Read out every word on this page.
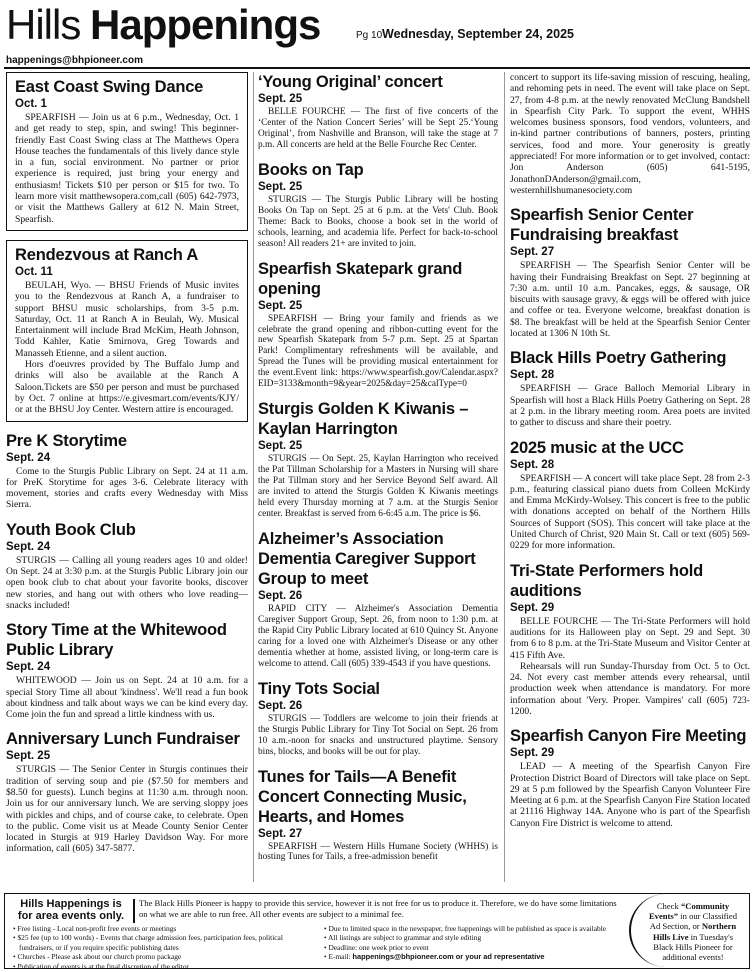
Hills Happenings	Pg 10 Wednesday, September 24, 2025
happenings@bhpioneer.com
East Coast Swing Dance
Oct. 1

SPEARFISH — Join us at 6 p.m., Wednesday, Oct. 1 and get ready to step, spin, and swing! This beginner-friendly East Coast Swing class at The Matthews Opera House teaches the fundamentals of this lively dance style in a fun, social environment. No partner or prior experience is required, just bring your energy and enthusiasm! Tickets $10 per person or $15 for two. To learn more visit matthewsopera.com,call (605) 642-7973, or visit the Matthews Gallery at 612 N. Main Street, Spearfish.

Rendezvous at Ranch A
Oct. 11

BEULAH, Wyo. — BHSU Friends of Music invites you to the Rendezvous at Ranch A, a fundraiser to support BHSU music scholarships, from 3-5 p.m. Saturday, Oct. 11 at Ranch A in Beulah, Wy. Musical Entertainment will include Brad McKim, Heath Johnson, Todd Kahler, Katie Smirnova, Greg Towards and Manasseh Etienne, and a silent auction.

Hors d'oeuvres provided by The Buffalo Jump and drinks will also be available at the Ranch A Saloon.Tickets are $50 per person and must be purchased by Oct. 7 online at https://e.givesmart.com/events/KJY/ or at the BHSU Joy Center. Western attire is encouraged.

Pre K Storytime
Sept. 24

Come to the Sturgis Public Library on Sept. 24 at 11 a.m. for PreK Storytime for ages 3-6. Celebrate literacy with movement, stories and crafts every Wednesday with Miss Sierra.

Youth Book Club
Sept. 24

STURGIS — Calling all young readers ages 10 and older! On Sept. 24 at 3:30 p.m. at the Sturgis Public Library join our open book club to chat about your favorite books, discover new stories, and hang out with others who love reading—snacks included!

Story Time at the Whitewood Public Library
Sept. 24

WHITEWOOD — Join us on Sept. 24 at 10 a.m. for a special Story Time all about 'kindness'. We'll read a fun book about kindness and talk about ways we can be kind every day. Come join the fun and spread a little kindness with us.

Anniversary Lunch Fundraiser
Sept. 25

STURGIS — The Senior Center in Sturgis continues their tradition of serving soup and pie ($7.50 for members and $8.50 for guests). Lunch begins at 11:30 a.m. through noon. Join us for our anniversary lunch. We are serving sloppy joes with pickles and chips, and of course cake, to celebrate. Open to the public. Come visit us at Meade County Senior Center located in Sturgis at 919 Harley Davidson Way. For more information, call (605) 347-5877.

‘Young Original’ concert
Sept. 25

BELLE FOURCHE — The first of five concerts of the ‘Center of the Nation Concert Series’ will be Sept 25.‘Young Original’, from Nashville and Branson, will take the stage at 7 p.m. All concerts are held at the Belle Fourche Rec Center.

Books on Tap
Sept. 25

STURGIS — The Sturgis Public Library will be hosting Books On Tap on Sept. 25 at 6 p.m. at the Vets' Club. Book Theme: Back to Books, choose a book set in the world of schools, learning, and academia life. Perfect for back-to-school season! All readers 21+ are invited to join.

Spearfish Skatepark grand opening
Sept. 25

SPEARFISH — Bring your family and friends as we celebrate the grand opening and ribbon-cutting event for the new Spearfish Skatepark from 5-7 p.m. Sept. 25 at Spartan Park! Complimentary refreshments will be available, and Spread the Tunes will be providing musical entertainment for the event.Event link: https://www.spearfish.gov/Calendar.aspx?EID=3133&month=9&year=2025&day=25&calType=0

Sturgis Golden K Kiwanis – Kaylan Harrington
Sept. 25

STURGIS — On Sept. 25, Kaylan Harrington who received the Pat Tillman Scholarship for a Masters in Nursing will share the Pat Tillman story and her Service Beyond Self award. All are invited to attend the Sturgis Golden K Kiwanis meetings held every Thursday morning at 7 a.m. at the Sturgis Senior center. Breakfast is served from 6-6:45 a.m. The price is $6.

Alzheimer’s Association Dementia Caregiver Support Group to meet
Sept. 26

RAPID CITY — Alzheimer's Association Dementia Caregiver Support Group, Sept. 26, from noon to 1:30 p.m. at the Rapid City Public Library located at 610 Quincy St. Anyone caring for a loved one with Alzheimer's Disease or any other dementia whether at home, assisted living, or long-term care is welcome to attend. Call (605) 339-4543 if you have questions.

Tiny Tots Social
Sept. 26

STURGIS — Toddlers are welcome to join their friends at the Sturgis Public Library for Tiny Tot Social on Sept. 26 from 10 a.m.-noon for snacks and unstructured playtime. Sensory bins, blocks, and books will be out for play.

Tunes for Tails—A Benefit Concert Connecting Music, Hearts, and Homes
Sept. 27

SPEARFISH — Western Hills Humane Society (WHHS) is hosting Tunes for Tails, a free-admission benefit

concert to support its life-saving mission of rescuing, healing, and rehoming pets in need. The event will take place on Sept. 27, from 4-8 p.m. at the newly renovated McClung Bandshell in Spearfish City Park. To support the event, WHHS welcomes business sponsors, food vendors, volunteers, and in-kind partner contributions of banners, posters, printing services, food and more. Your generosity is greatly appreciated! For more information or to get involved, contact: Jon Anderson (605) 641-5195, JonathonDAnderson@gmail.com, westernhillshumanesociety.com

Spearfish Senior Center Fundraising breakfast
Sept. 27

SPEARFISH — The Spearfish Senior Center will be having their Fundraising Breakfast on Sept. 27 beginning at 7:30 a.m. until 10 a.m. Pancakes, eggs, & sausage, OR biscuits with sausage gravy, & eggs will be offered with juice and coffee or tea. Everyone welcome, breakfast donation is $8. The breakfast will be held at the Spearfish Senior Center located at 1306 N 10th St.

Black Hills Poetry Gathering
Sept. 28

SPEARFISH — Grace Balloch Memorial Library in Spearfish will host a Black Hills Poetry Gathering on Sept. 28 at 2 p.m. in the library meeting room. Area poets are invited to gather to discuss and share their poetry.

2025 music at the UCC
Sept. 28

SPEARFISH — A concert will take place Sept. 28 from 2-3 p.m., featuring classical piano duets from Colleen McKirdy and Emma McKirdy-Wolsey. This concert is free to the public with donations accepted on behalf of the Northern Hills Sources of Support (SOS). This concert will take place at the United Church of Christ, 920 Main St. Call or text (605) 569-0229 for more information.

Tri-State Performers hold auditions
Sept. 29

BELLE FOURCHE — The Tri-State Performers will hold auditions for its Halloween play on Sept. 29 and Sept. 30 from 6 to 8 p.m. at the Tri-State Museum and Visitor Center at 415 Fifth Ave.

Rehearsals will run Sunday-Thursday from Oct. 5 to Oct. 24. Not every cast member attends every rehearsal, until production week when attendance is mandatory. For more information about 'Very. Proper. Vampires' call (605) 723-1200.

Spearfish Canyon Fire Meeting
Sept. 29

LEAD — A meeting of the Spearfish Canyon Fire Protection District Board of Directors will take place on Sept. 29 at 5 p.m followed by the Spearfish Canyon Volunteer Fire Meeting at 6 p.m. at the Spearfish Canyon Fire Station located at 21116 Highway 14A. Anyone who is part of the Spearfish Canyon Fire District is welcome to attend.

Hills Happenings is for area events only.
The Black Hills Pioneer is happy to provide this service, however it is not free for us to produce it. Therefore, we do have some limitations on what we are able to run free. All other events are subject to a minimal fee.
• Free listing - Local non-profit free events or meetings
• $25 fee (up to 100 words) - Events that charge admission fees, participation fees, political fundraisers, or if you require specific publishing dates
• Churches - Please ask about our church promo package
• Publication of events is at the final discretion of the editor
• Due to limited space in the newspaper, free happenings will be published as space is available
• All listings are subject to grammar and style editing
• Deadline: one week prior to event
• E-mail: happenings@bhpioneer.com or your ad representative
Check “Community Events” in our Classified Ad Section, or Northern Hills Live in Tuesday's Black Hills Pioneer for additional events!
